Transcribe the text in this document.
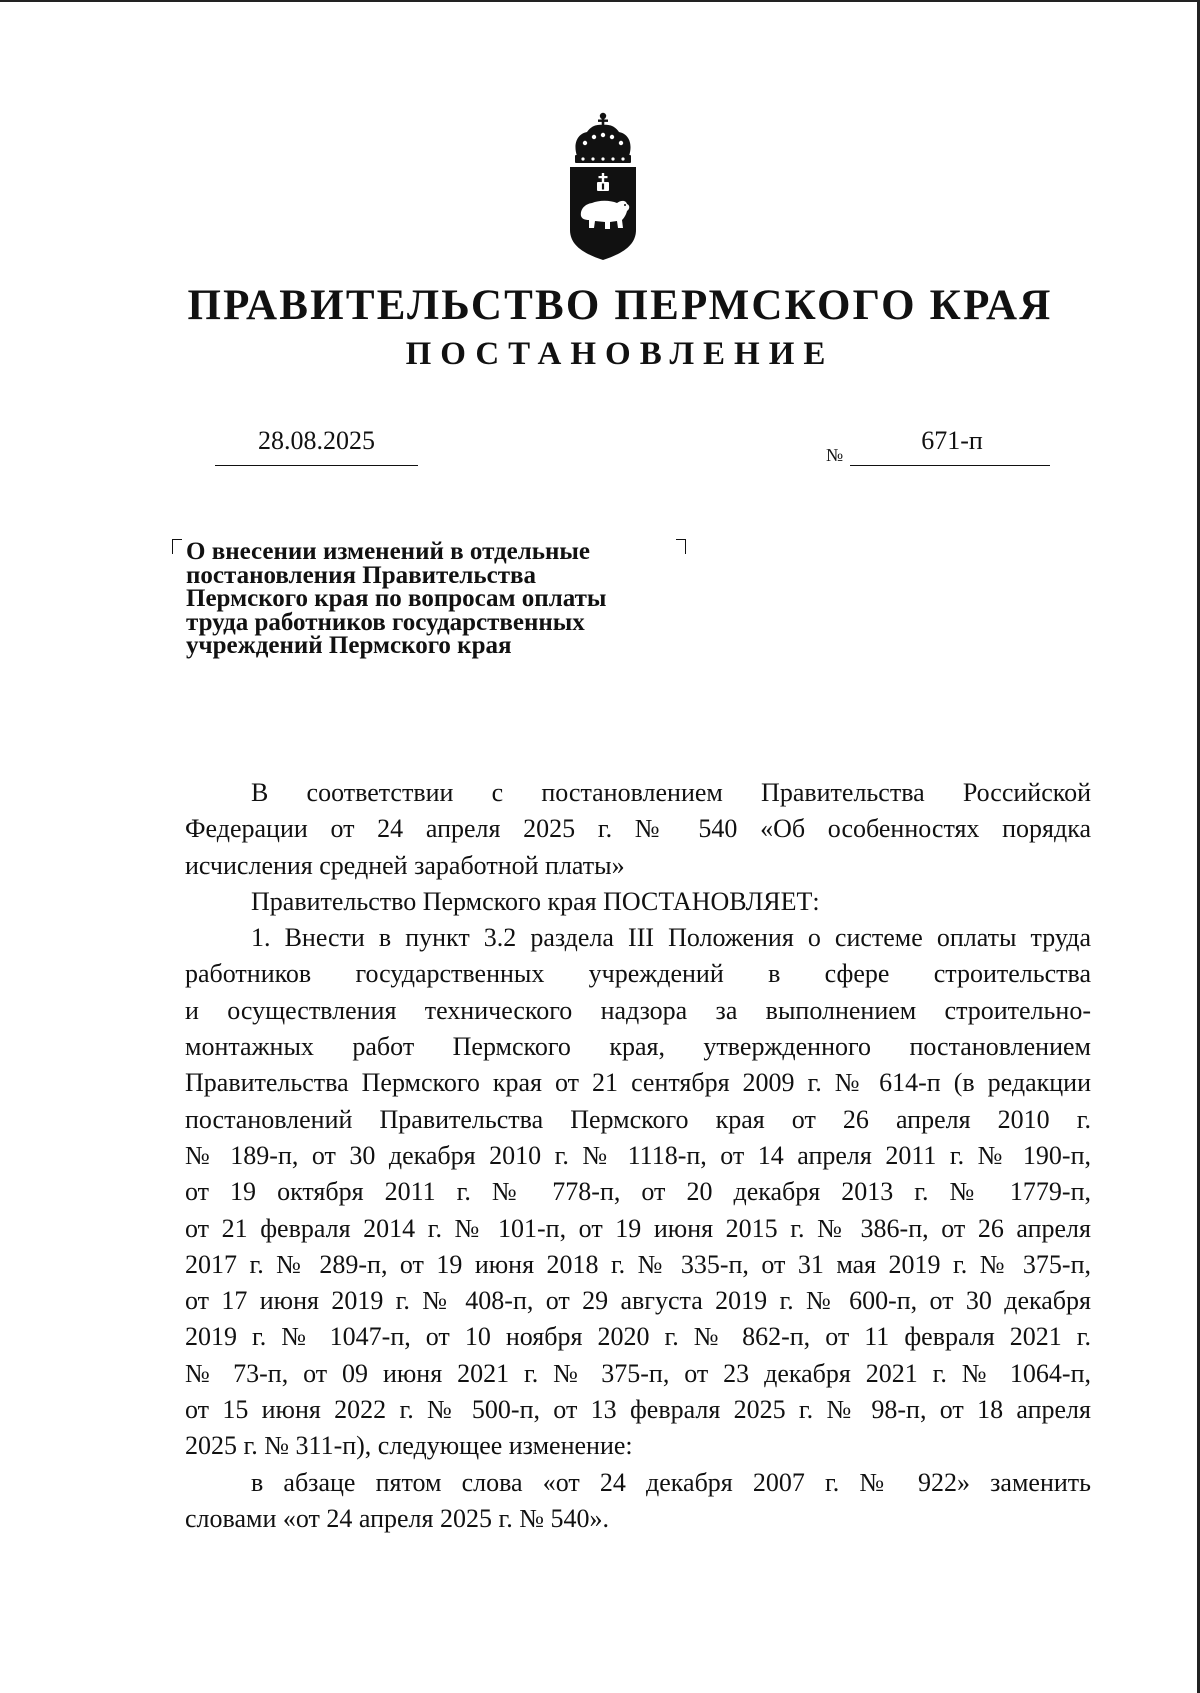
ПРАВИТЕЛЬСТВО ПЕРМСКОГО КРАЯ
ПОСТАНОВЛЕНИЕ
28.08.2025	№	671-п
О внесении изменений в отдельные
постановления Правительства
Пермского края по вопросам оплаты
труда работников государственных
учреждений Пермского края
В соответствии с постановлением Правительства Российской
Федерации от 24 апреля 2025 г. № 540 «Об особенностях порядка
исчисления средней заработной платы»
Правительство Пермского края ПОСТАНОВЛЯЕТ:
1. Внести в пункт 3.2 раздела III Положения о системе оплаты труда
работников государственных учреждений в сфере строительства
и осуществления технического надзора за выполнением строительно-
монтажных работ Пермского края, утвержденного постановлением
Правительства Пермского края от 21 сентября 2009 г. № 614-п (в редакции
постановлений Правительства Пермского края от 26 апреля 2010 г.
№ 189-п, от 30 декабря 2010 г. № 1118-п, от 14 апреля 2011 г. № 190-п,
от 19 октября 2011 г. № 778-п, от 20 декабря 2013 г. № 1779-п,
от 21 февраля 2014 г. № 101-п, от 19 июня 2015 г. № 386-п, от 26 апреля
2017 г. № 289-п, от 19 июня 2018 г. № 335-п, от 31 мая 2019 г. № 375-п,
от 17 июня 2019 г. № 408-п, от 29 августа 2019 г. № 600-п, от 30 декабря
2019 г. № 1047-п, от 10 ноября 2020 г. № 862-п, от 11 февраля 2021 г.
№ 73-п, от 09 июня 2021 г. № 375-п, от 23 декабря 2021 г. № 1064-п,
от 15 июня 2022 г. № 500-п, от 13 февраля 2025 г. № 98-п, от 18 апреля
2025 г. № 311-п), следующее изменение:
в абзаце пятом слова «от 24 декабря 2007 г. № 922» заменить
словами «от 24 апреля 2025 г. № 540».
